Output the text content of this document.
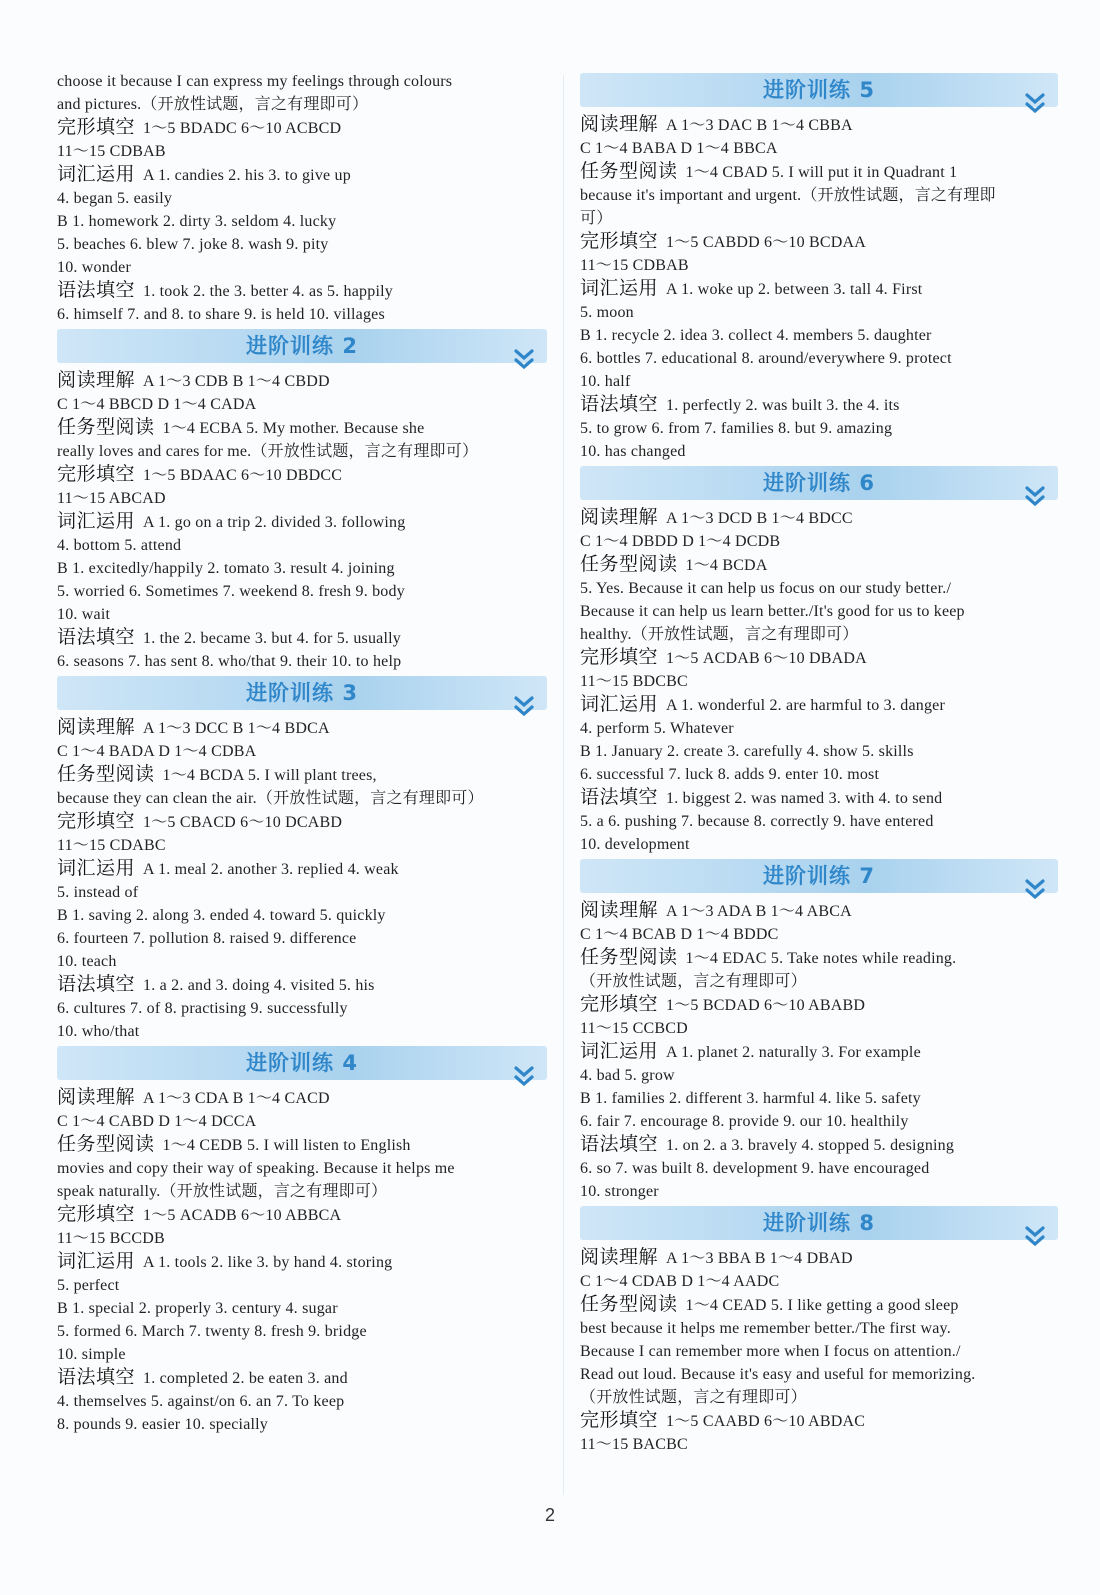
choose it because I can express my feelings through colours
and pictures.（开放性试题，言之有理即可）
完形填空 1～5 BDADC 6～10 ACBCD
11～15 CDBAB
词汇运用 A 1. candies 2. his 3. to give up
4. began 5. easily
B 1. homework 2. dirty 3. seldom 4. lucky
5. beaches 6. blew 7. joke 8. wash 9. pity
10. wonder
语法填空 1. took 2. the 3. better 4. as 5. happily
6. himself 7. and 8. to share 9. is held 10. villages
进阶训练 2
阅读理解 A 1～3 CDB B 1～4 CBDD
C 1～4 BBCD D 1～4 CADA
任务型阅读 1～4 ECBA 5. My mother. Because she
really loves and cares for me.（开放性试题，言之有理即可）
完形填空 1～5 BDAAC 6～10 DBDCC
11～15 ABCAD
词汇运用 A 1. go on a trip 2. divided 3. following
4. bottom 5. attend
B 1. excitedly/happily 2. tomato 3. result 4. joining
5. worried 6. Sometimes 7. weekend 8. fresh 9. body
10. wait
语法填空 1. the 2. became 3. but 4. for 5. usually
6. seasons 7. has sent 8. who/that 9. their 10. to help
进阶训练 3
阅读理解 A 1～3 DCC B 1～4 BDCA
C 1～4 BADA D 1～4 CDBA
任务型阅读 1～4 BCDA 5. I will plant trees,
because they can clean the air.（开放性试题，言之有理即可）
完形填空 1～5 CBACD 6～10 DCABD
11～15 CDABC
词汇运用 A 1. meal 2. another 3. replied 4. weak
5. instead of
B 1. saving 2. along 3. ended 4. toward 5. quickly
6. fourteen 7. pollution 8. raised 9. difference
10. teach
语法填空 1. a 2. and 3. doing 4. visited 5. his
6. cultures 7. of 8. practising 9. successfully
10. who/that
进阶训练 4
阅读理解 A 1～3 CDA B 1～4 CACD
C 1～4 CABD D 1～4 DCCA
任务型阅读 1～4 CEDB 5. I will listen to English
movies and copy their way of speaking. Because it helps me
speak naturally.（开放性试题，言之有理即可）
完形填空 1～5 ACADB 6～10 ABBCA
11～15 BCCDB
词汇运用 A 1. tools 2. like 3. by hand 4. storing
5. perfect
B 1. special 2. properly 3. century 4. sugar
5. formed 6. March 7. twenty 8. fresh 9. bridge
10. simple
语法填空 1. completed 2. be eaten 3. and
4. themselves 5. against/on 6. an 7. To keep
8. pounds 9. easier 10. specially
进阶训练 5
阅读理解 A 1～3 DAC B 1～4 CBBA
C 1～4 BABA D 1～4 BBCA
任务型阅读 1～4 CBAD 5. I will put it in Quadrant 1
because it's important and urgent.（开放性试题，言之有理即
可）
完形填空 1～5 CABDD 6～10 BCDAA
11～15 CDBAB
词汇运用 A 1. woke up 2. between 3. tall 4. First
5. moon
B 1. recycle 2. idea 3. collect 4. members 5. daughter
6. bottles 7. educational 8. around/everywhere 9. protect
10. half
语法填空 1. perfectly 2. was built 3. the 4. its
5. to grow 6. from 7. families 8. but 9. amazing
10. has changed
进阶训练 6
阅读理解 A 1～3 DCD B 1～4 BDCC
C 1～4 DBDD D 1～4 DCDB
任务型阅读 1～4 BCDA
5. Yes. Because it can help us focus on our study better./
Because it can help us learn better./It's good for us to keep
healthy.（开放性试题，言之有理即可）
完形填空 1～5 ACDAB 6～10 DBADA
11～15 BDCBC
词汇运用 A 1. wonderful 2. are harmful to 3. danger
4. perform 5. Whatever
B 1. January 2. create 3. carefully 4. show 5. skills
6. successful 7. luck 8. adds 9. enter 10. most
语法填空 1. biggest 2. was named 3. with 4. to send
5. a 6. pushing 7. because 8. correctly 9. have entered
10. development
进阶训练 7
阅读理解 A 1～3 ADA B 1～4 ABCA
C 1～4 BCAB D 1～4 BDDC
任务型阅读 1～4 EDAC 5. Take notes while reading.
（开放性试题，言之有理即可）
完形填空 1～5 BCDAD 6～10 ABABD
11～15 CCBCD
词汇运用 A 1. planet 2. naturally 3. For example
4. bad 5. grow
B 1. families 2. different 3. harmful 4. like 5. safety
6. fair 7. encourage 8. provide 9. our 10. healthily
语法填空 1. on 2. a 3. bravely 4. stopped 5. designing
6. so 7. was built 8. development 9. have encouraged
10. stronger
进阶训练 8
阅读理解 A 1～3 BBA B 1～4 DBAD
C 1～4 CDAB D 1～4 AADC
任务型阅读 1～4 CEAD 5. I like getting a good sleep
best because it helps me remember better./The first way.
Because I can remember more when I focus on attention./
Read out loud. Because it's easy and useful for memorizing.
（开放性试题，言之有理即可）
完形填空 1～5 CAABD 6～10 ABDAC
11～15 BACBC
2
